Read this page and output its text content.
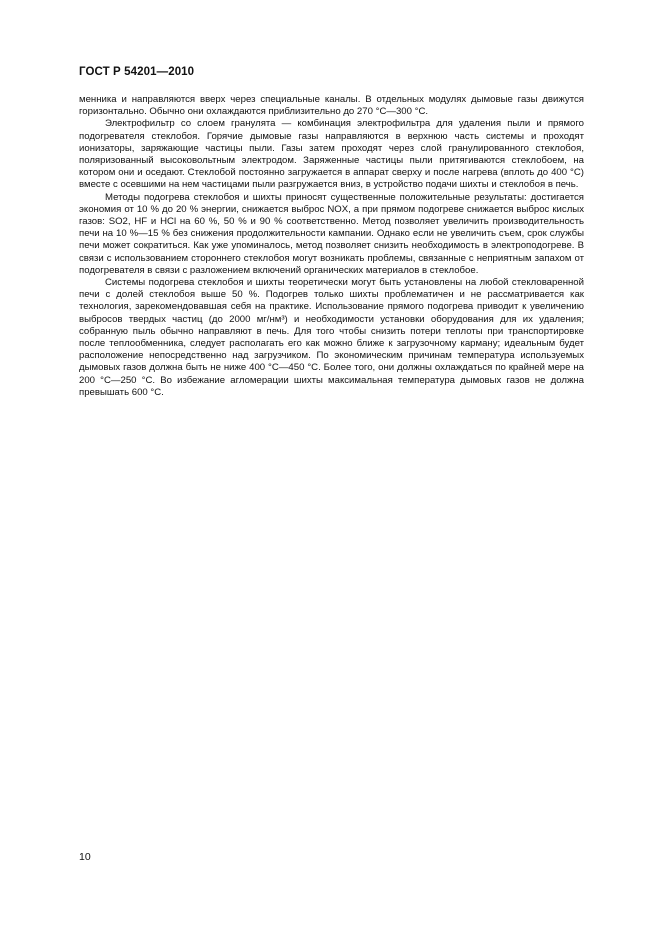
ГОСТ Р 54201—2010

менника и направляются вверх через специальные каналы. В отдельных модулях дымовые газы движутся горизонтально. Обычно они охлаждаются приблизительно до 270 °С—300 °С.

Электрофильтр со слоем гранулята — комбинация электрофильтра для удаления пыли и прямого подогревателя стеклобоя. Горячие дымовые газы направляются в верхнюю часть системы и проходят ионизаторы, заряжающие частицы пыли. Газы затем проходят через слой гранулированного стеклобоя, поляризованный высоковольтным электродом. Заряженные частицы пыли притягиваются стеклобоем, на котором они и оседают. Стеклобой постоянно загружается в аппарат сверху и после нагрева (вплоть до 400 °С) вместе с осевшими на нем частицами пыли разгружается вниз, в устройство подачи шихты и стеклобоя в печь.

Методы подогрева стеклобоя и шихты приносят существенные положительные результаты: достигается экономия от 10 % до 20 % энергии, снижается выброс NOX, а при прямом подогреве снижается выброс кислых газов: SO2, HF и HCl на 60 %, 50 % и 90 % соответственно. Метод позволяет увеличить производительность печи на 10 %—15 % без снижения продолжительности кампании. Однако если не увеличить съем, срок службы печи может сократиться. Как уже упоминалось, метод позволяет снизить необходимость в электроподогреве. В связи с использованием стороннего стеклобоя могут возникать проблемы, связанные с неприятным запахом от подогревателя в связи с разложением включений органических материалов в стеклобое.

Системы подогрева стеклобоя и шихты теоретически могут быть установлены на любой стекловаренной печи с долей стеклобоя выше 50 %. Подогрев только шихты проблематичен и не рассматривается как технология, зарекомендовавшая себя на практике. Использование прямого подогрева приводит к увеличению выбросов твердых частиц (до 2000 мг/нм³) и необходимости установки оборудования для их удаления; собранную пыль обычно направляют в печь. Для того чтобы снизить потери теплоты при транспортировке после теплообменника, следует располагать его как можно ближе к загрузочному карману; идеальным будет расположение непосредственно над загрузчиком. По экономическим причинам температура используемых дымовых газов должна быть не ниже 400 °С—450 °С. Более того, они должны охлаждаться по крайней мере на 200 °С—250 °С. Во избежание агломерации шихты максимальная температура дымовых газов не должна превышать 600 °С.

10
